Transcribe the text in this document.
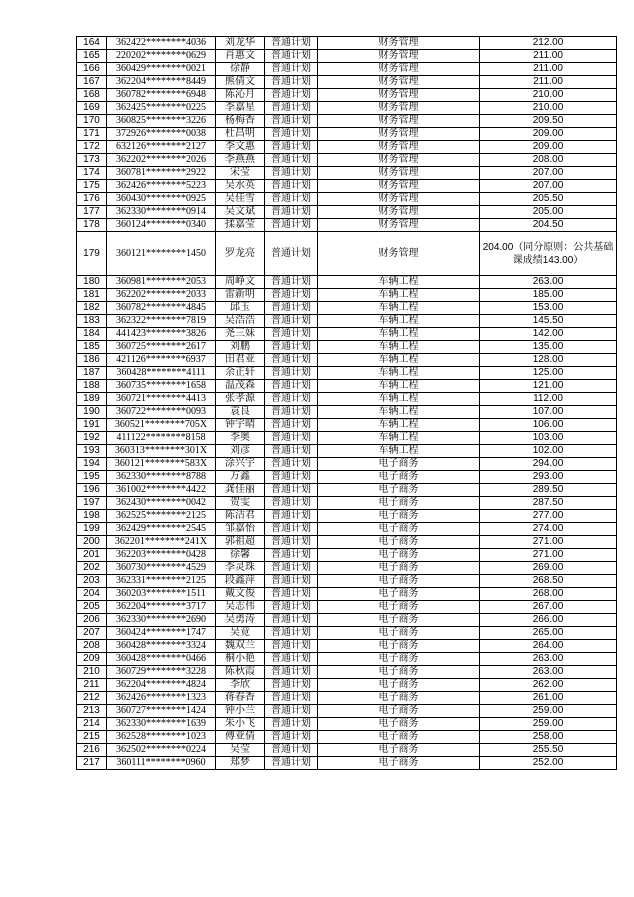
164	362422********4036	刘龙华	普通计划	财务管理	212.00
165	220202********0629	肖惠文	普通计划	财务管理	211.00
166	360429********0021	徐静	普通计划	财务管理	211.00
167	362204********8449	熊倩文	普通计划	财务管理	211.00
168	360782********6948	陈沁月	普通计划	财务管理	210.00
169	362425********0225	李嘉星	普通计划	财务管理	210.00
170	360825********3226	杨梅香	普通计划	财务管理	209.50
171	372926********0038	杜昌明	普通计划	财务管理	209.00
172	632126********2127	李文惠	普通计划	财务管理	209.00
173	362202********2026	李燕燕	普通计划	财务管理	208.00
174	360781********2922	宋莹	普通计划	财务管理	207.00
175	362426********5223	吴水英	普通计划	财务管理	207.00
176	360430********0925	吴佳雪	普通计划	财务管理	205.50
177	362330********0914	吴文斌	普通计划	财务管理	205.00
178	360124********0340	揉嘉莹	普通计划	财务管理	204.50
179	360121********1450	罗龙亮	普通计划	财务管理	204.00（同分原则：公共基础课成绩143.00）
180	360981********2053	周峥文	普通计划	车辆工程	263.00
181	362202********2033	雷新明	普通计划	车辆工程	185.00
182	360782********4845	邱玉	普通计划	车辆工程	153.00
183	362322********7819	吴浩浩	普通计划	车辆工程	145.50
184	441423********3826	尧三妹	普通计划	车辆工程	142.00
185	360725********2617	刘鹏	普通计划	车辆工程	135.00
186	421126********6937	田君亚	普通计划	车辆工程	128.00
187	360428********4111	余正轩	普通计划	车辆工程	125.00
188	360735********1658	温茂森	普通计划	车辆工程	121.00
189	360721********4413	张孝源	普通计划	车辆工程	112.00
190	360722********0093	袁良	普通计划	车辆工程	107.00
191	360521********705X	钟宇晴	普通计划	车辆工程	106.00
192	411122********8158	李奥	普通计划	车辆工程	103.00
193	360313********301X	刘彦	普通计划	车辆工程	102.00
194	360121********583X	涂兴宇	普通计划	电子商务	294.00
195	362330********8788	万鑫	普通计划	电子商务	293.00
196	361002********4422	龚佳丽	普通计划	电子商务	289.50
197	362430********0042	贺雯	普通计划	电子商务	287.50
198	362525********2125	陈洁君	普通计划	电子商务	277.00
199	362429********2545	邹嘉怡	普通计划	电子商务	274.00
200	362201********241X	郭祖超	普通计划	电子商务	271.00
201	362203********0428	徐馨	普通计划	电子商务	271.00
202	360730********4529	李灵珠	普通计划	电子商务	269.00
203	362331********2125	段鑫萍	普通计划	电子商务	268.50
204	360203********1511	戴文俊	普通计划	电子商务	268.00
205	362204********3717	吴志伟	普通计划	电子商务	267.00
206	362330********2690	吴勇涛	普通计划	电子商务	266.00
207	360424********1747	吴竟	普通计划	电子商务	265.00
208	360428********3324	魏双兰	普通计划	电子商务	264.00
209	360428********0466	桐小艳	普通计划	电子商务	263.00
210	360729********3228	陈秋霞	普通计划	电子商务	263.00
211	362204********4824	李欣	普通计划	电子商务	262.00
212	362426********1323	蒋春香	普通计划	电子商务	261.00
213	360727********1424	钟小兰	普通计划	电子商务	259.00
214	362330********1639	朱小飞	普通计划	电子商务	259.00
215	362528********1023	傅亚倩	普通计划	电子商务	258.00
216	362502********0224	吴莹	普通计划	电子商务	255.50
217	360111********0960	郑梦	普通计划	电子商务	252.00
